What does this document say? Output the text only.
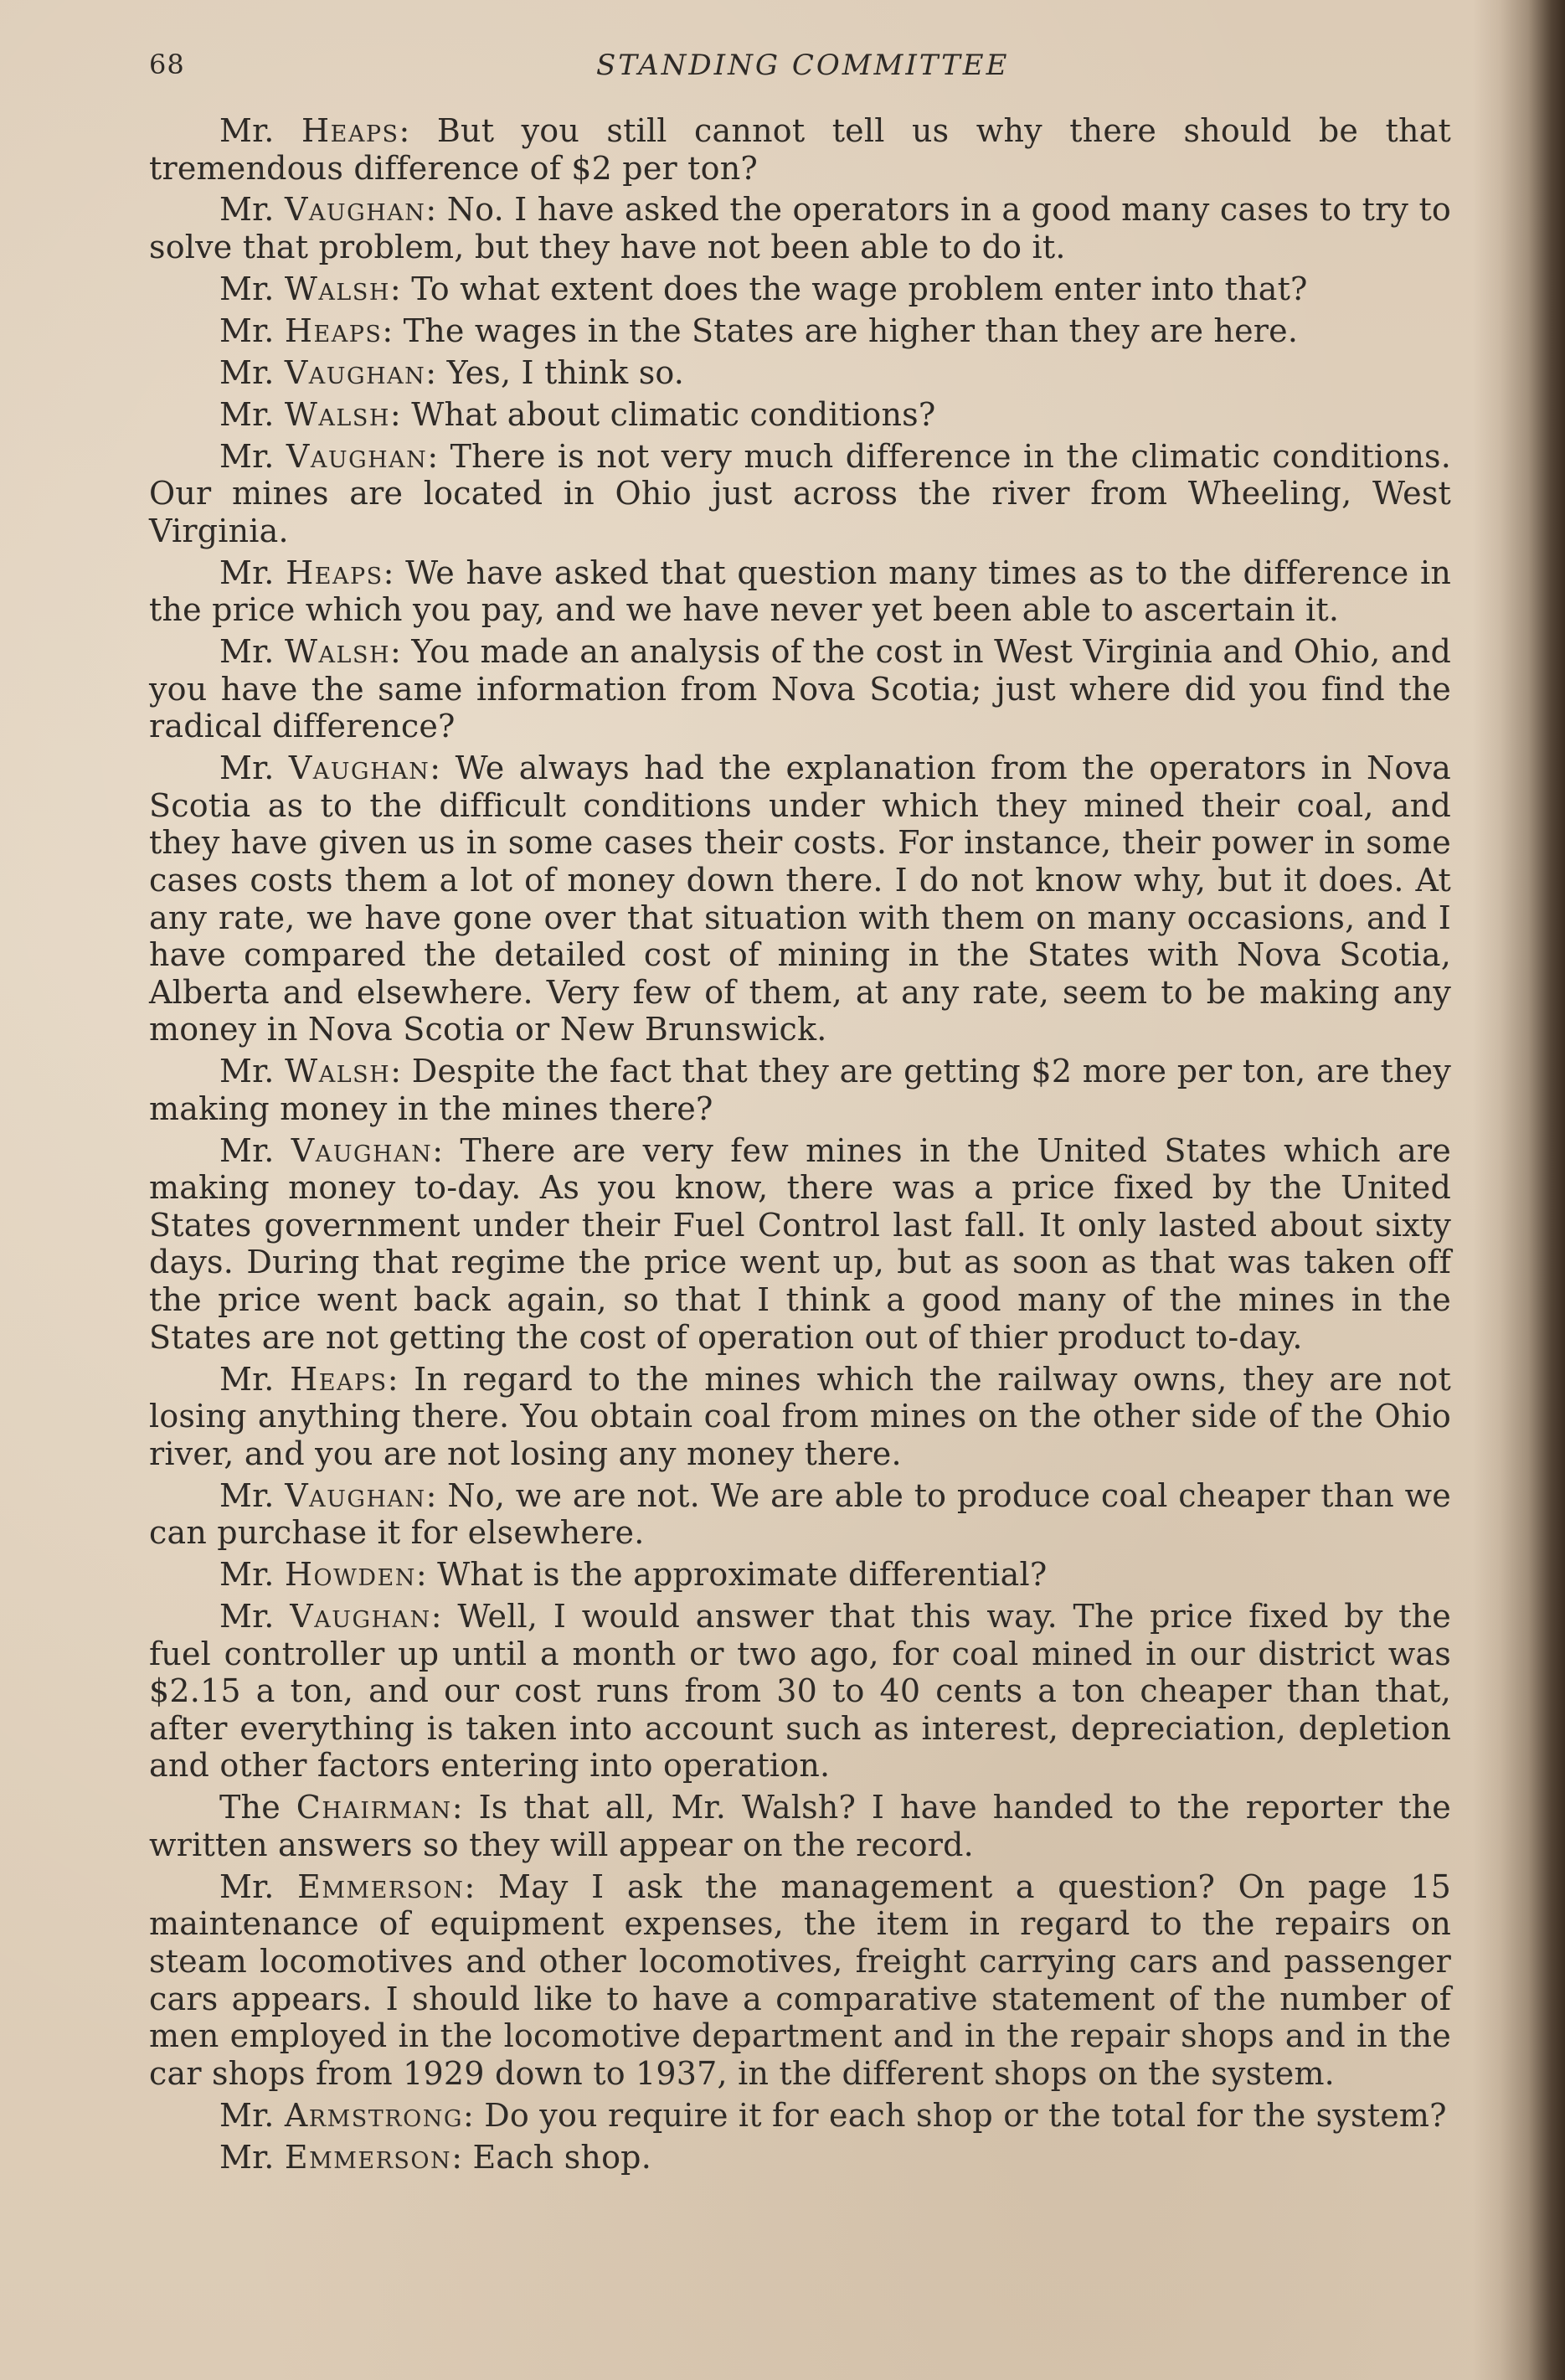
68	STANDING COMMITTEE

Mr. Heaps: But you still cannot tell us why there should be that tremendous difference of $2 per ton?

Mr. Vaughan: No. I have asked the operators in a good many cases to try to solve that problem, but they have not been able to do it.

Mr. Walsh: To what extent does the wage problem enter into that?

Mr. Heaps: The wages in the States are higher than they are here.

Mr. Vaughan: Yes, I think so.

Mr. Walsh: What about climatic conditions?

Mr. Vaughan: There is not very much difference in the climatic conditions. Our mines are located in Ohio just across the river from Wheeling, West Virginia.

Mr. Heaps: We have asked that question many times as to the difference in the price which you pay, and we have never yet been able to ascertain it.

Mr. Walsh: You made an analysis of the cost in West Virginia and Ohio, and you have the same information from Nova Scotia; just where did you find the radical difference?

Mr. Vaughan: We always had the explanation from the operators in Nova Scotia as to the difficult conditions under which they mined their coal, and they have given us in some cases their costs. For instance, their power in some cases costs them a lot of money down there. I do not know why, but it does. At any rate, we have gone over that situation with them on many occasions, and I have compared the detailed cost of mining in the States with Nova Scotia, Alberta and elsewhere. Very few of them, at any rate, seem to be making any money in Nova Scotia or New Brunswick.

Mr. Walsh: Despite the fact that they are getting $2 more per ton, are they making money in the mines there?

Mr. Vaughan: There are very few mines in the United States which are making money to-day. As you know, there was a price fixed by the United States government under their Fuel Control last fall. It only lasted about sixty days. During that regime the price went up, but as soon as that was taken off the price went back again, so that I think a good many of the mines in the States are not getting the cost of operation out of thier product to-day.

Mr. Heaps: In regard to the mines which the railway owns, they are not losing anything there. You obtain coal from mines on the other side of the Ohio river, and you are not losing any money there.

Mr. Vaughan: No, we are not. We are able to produce coal cheaper than we can purchase it for elsewhere.

Mr. Howden: What is the approximate differential?

Mr. Vaughan: Well, I would answer that this way. The price fixed by the fuel controller up until a month or two ago, for coal mined in our district was $2.15 a ton, and our cost runs from 30 to 40 cents a ton cheaper than that, after everything is taken into account such as interest, depreciation, depletion and other factors entering into operation.

The Chairman: Is that all, Mr. Walsh? I have handed to the reporter the written answers so they will appear on the record.

Mr. Emmerson: May I ask the management a question? On page 15 maintenance of equipment expenses, the item in regard to the repairs on steam locomotives and other locomotives, freight carrying cars and passenger cars appears. I should like to have a comparative statement of the number of men employed in the locomotive department and in the repair shops and in the car shops from 1929 down to 1937, in the different shops on the system.

Mr. Armstrong: Do you require it for each shop or the total for the system?

Mr. Emmerson: Each shop.
